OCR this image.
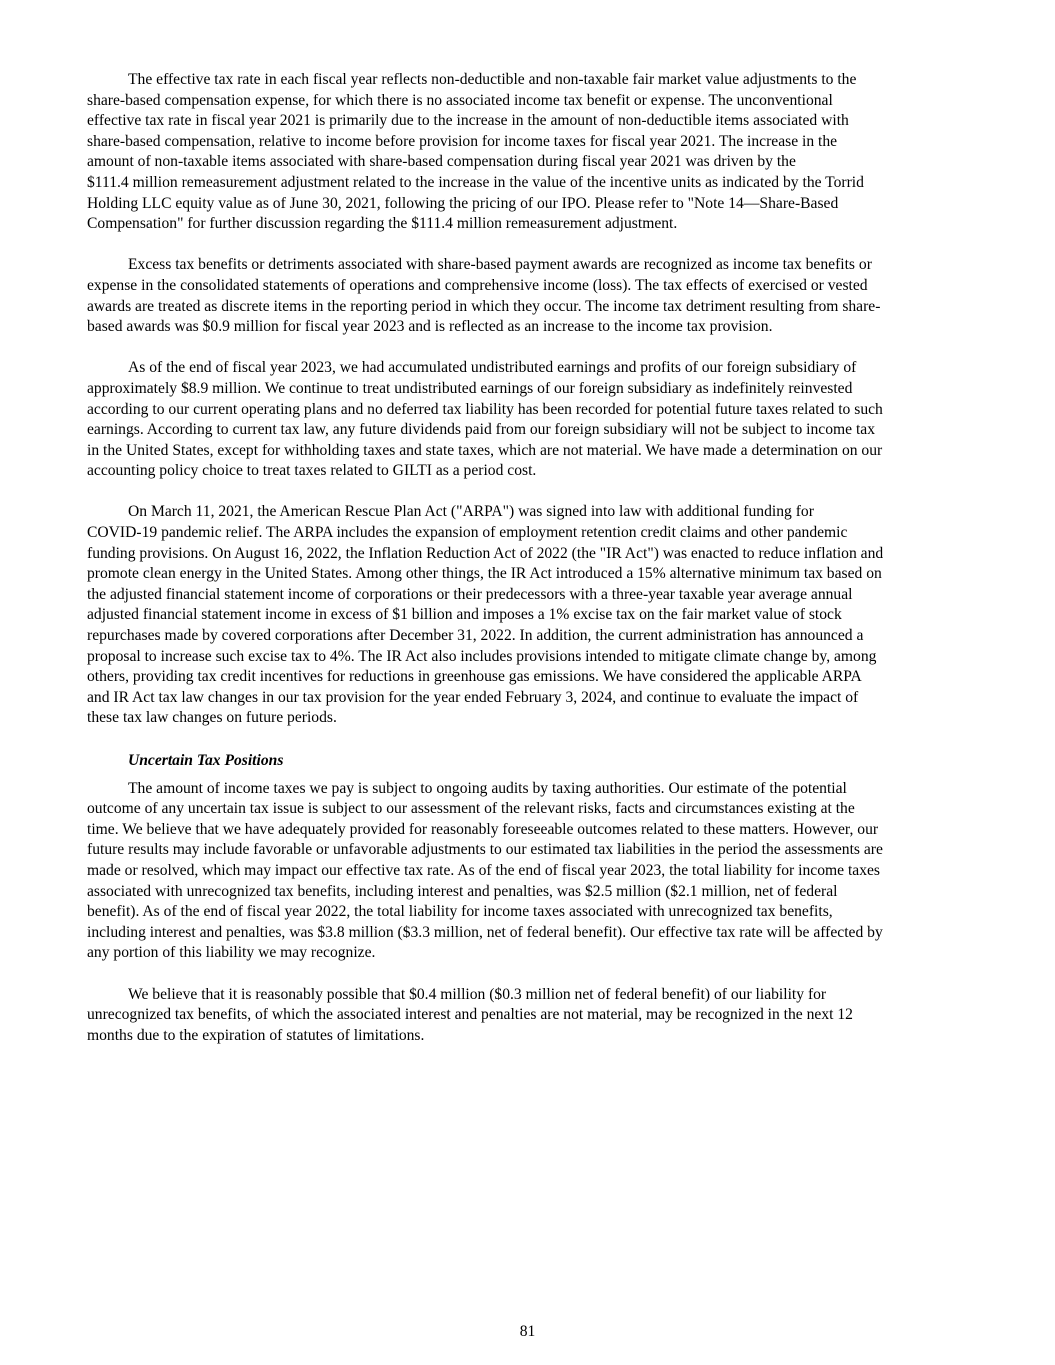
The effective tax rate in each fiscal year reflects non-deductible and non-taxable fair market value adjustments to the
share-based compensation expense, for which there is no associated income tax benefit or expense. The unconventional
effective tax rate in fiscal year 2021 is primarily due to the increase in the amount of non-deductible items associated with
share-based compensation, relative to income before provision for income taxes for fiscal year 2021. The increase in the
amount of non-taxable items associated with share-based compensation during fiscal year 2021 was driven by the
$111.4 million remeasurement adjustment related to the increase in the value of the incentive units as indicated by the Torrid
Holding LLC equity value as of June 30, 2021, following the pricing of our IPO. Please refer to "Note 14—Share-Based
Compensation" for further discussion regarding the $111.4 million remeasurement adjustment.

Excess tax benefits or detriments associated with share-based payment awards are recognized as income tax benefits or
expense in the consolidated statements of operations and comprehensive income (loss). The tax effects of exercised or vested
awards are treated as discrete items in the reporting period in which they occur. The income tax detriment resulting from share-
based awards was $0.9 million for fiscal year 2023 and is reflected as an increase to the income tax provision.

As of the end of fiscal year 2023, we had accumulated undistributed earnings and profits of our foreign subsidiary of
approximately $8.9 million. We continue to treat undistributed earnings of our foreign subsidiary as indefinitely reinvested
according to our current operating plans and no deferred tax liability has been recorded for potential future taxes related to such
earnings. According to current tax law, any future dividends paid from our foreign subsidiary will not be subject to income tax
in the United States, except for withholding taxes and state taxes, which are not material. We have made a determination on our
accounting policy choice to treat taxes related to GILTI as a period cost.

On March 11, 2021, the American Rescue Plan Act ("ARPA") was signed into law with additional funding for
COVID-19 pandemic relief. The ARPA includes the expansion of employment retention credit claims and other pandemic
funding provisions. On August 16, 2022, the Inflation Reduction Act of 2022 (the "IR Act") was enacted to reduce inflation and
promote clean energy in the United States. Among other things, the IR Act introduced a 15% alternative minimum tax based on
the adjusted financial statement income of corporations or their predecessors with a three-year taxable year average annual
adjusted financial statement income in excess of $1 billion and imposes a 1% excise tax on the fair market value of stock
repurchases made by covered corporations after December 31, 2022. In addition, the current administration has announced a
proposal to increase such excise tax to 4%. The IR Act also includes provisions intended to mitigate climate change by, among
others, providing tax credit incentives for reductions in greenhouse gas emissions. We have considered the applicable ARPA
and IR Act tax law changes in our tax provision for the year ended February 3, 2024, and continue to evaluate the impact of
these tax law changes on future periods.

Uncertain Tax Positions

The amount of income taxes we pay is subject to ongoing audits by taxing authorities. Our estimate of the potential
outcome of any uncertain tax issue is subject to our assessment of the relevant risks, facts and circumstances existing at the
time. We believe that we have adequately provided for reasonably foreseeable outcomes related to these matters. However, our
future results may include favorable or unfavorable adjustments to our estimated tax liabilities in the period the assessments are
made or resolved, which may impact our effective tax rate. As of the end of fiscal year 2023, the total liability for income taxes
associated with unrecognized tax benefits, including interest and penalties, was $2.5 million ($2.1 million, net of federal
benefit). As of the end of fiscal year 2022, the total liability for income taxes associated with unrecognized tax benefits,
including interest and penalties, was $3.8 million ($3.3 million, net of federal benefit). Our effective tax rate will be affected by
any portion of this liability we may recognize.

We believe that it is reasonably possible that $0.4 million ($0.3 million net of federal benefit) of our liability for
unrecognized tax benefits, of which the associated interest and penalties are not material, may be recognized in the next 12
months due to the expiration of statutes of limitations.

81
